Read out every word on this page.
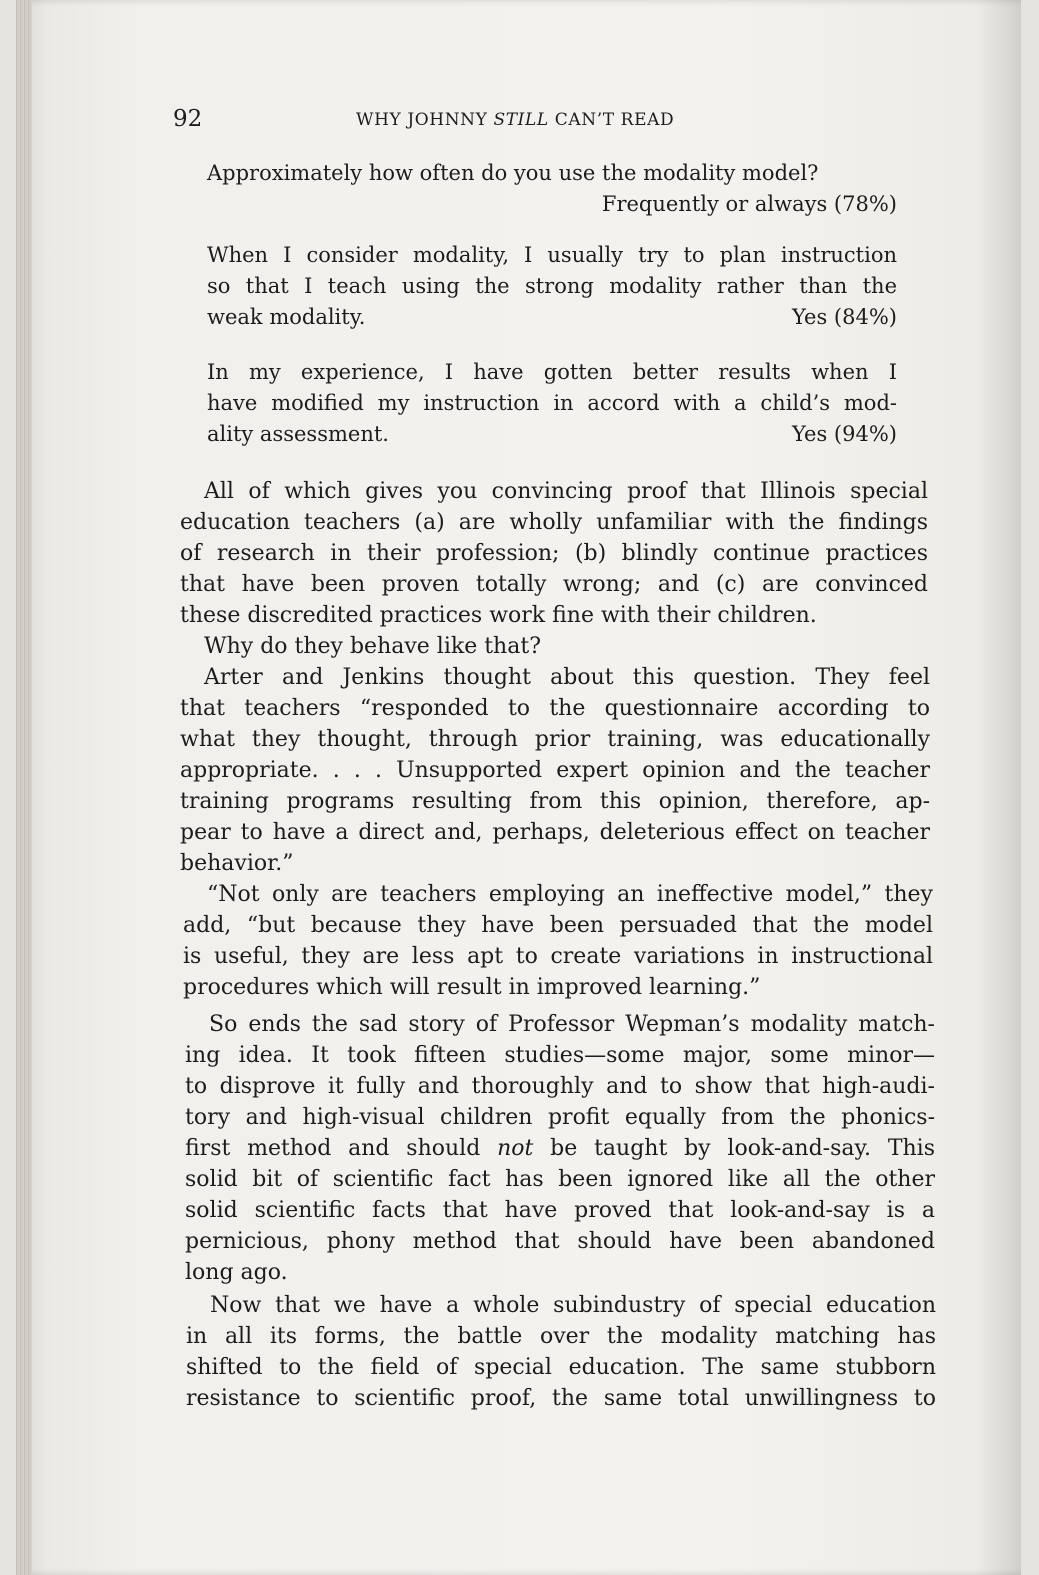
92	WHY JOHNNY STILL CAN’T READ
Approximately how often do you use the modality model?
Frequently or always (78%)
When I consider modality, I usually try to plan instruction
so that I teach using the strong modality rather than the
weak modality.	Yes (84%)
In my experience, I have gotten better results when I
have modified my instruction in accord with a child’s mod-
ality assessment.	Yes (94%)
All of which gives you convincing proof that Illinois special
education teachers (a) are wholly unfamiliar with the findings
of research in their profession; (b) blindly continue practices
that have been proven totally wrong; and (c) are convinced
these discredited practices work fine with their children.
Why do they behave like that?
Arter and Jenkins thought about this question. They feel
that teachers “responded to the questionnaire according to
what they thought, through prior training, was educationally
appropriate. . . . Unsupported expert opinion and the teacher
training programs resulting from this opinion, therefore, ap-
pear to have a direct and, perhaps, deleterious effect on teacher
behavior.”
“Not only are teachers employing an ineffective model,” they
add, “but because they have been persuaded that the model
is useful, they are less apt to create variations in instructional
procedures which will result in improved learning.”
So ends the sad story of Professor Wepman’s modality match-
ing idea. It took fifteen studies—some major, some minor—
to disprove it fully and thoroughly and to show that high-audi-
tory and high-visual children profit equally from the phonics-
first method and should not be taught by look-and-say. This
solid bit of scientific fact has been ignored like all the other
solid scientific facts that have proved that look-and-say is a
pernicious, phony method that should have been abandoned
long ago.
Now that we have a whole subindustry of special education
in all its forms, the battle over the modality matching has
shifted to the field of special education. The same stubborn
resistance to scientific proof, the same total unwillingness to
